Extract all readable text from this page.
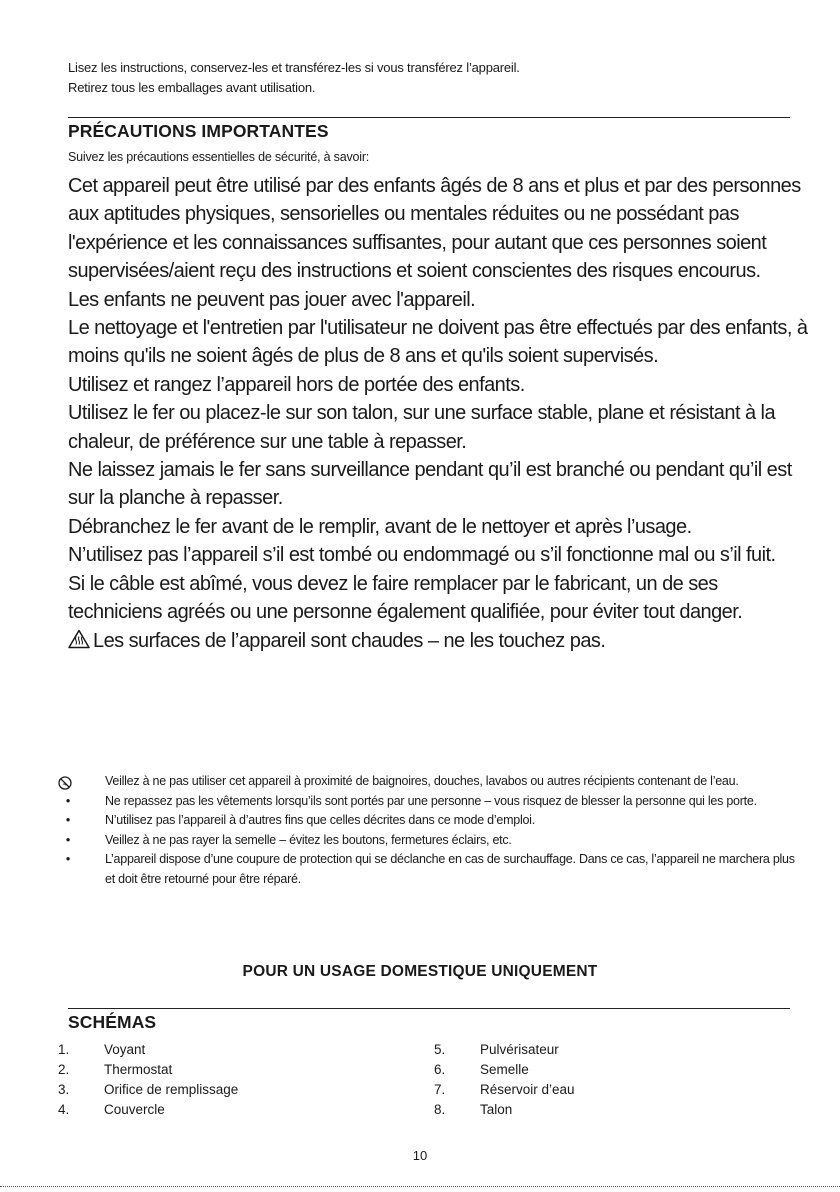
Lisez les instructions, conservez-les et transférez-les si vous transférez l’appareil.
Retirez tous les emballages avant utilisation.
PRÉCAUTIONS IMPORTANTES
Suivez les précautions essentielles de sécurité, à savoir:

Cet appareil peut être utilisé par des enfants âgés de 8 ans et plus et par des personnes aux aptitudes physiques, sensorielles ou mentales réduites ou ne possédant pas l'expérience et les connaissances suffisantes, pour autant que ces personnes soient supervisées/aient reçu des instructions et soient conscientes des risques encourus.

Les enfants ne peuvent pas jouer avec l'appareil.

Le nettoyage et l'entretien par l'utilisateur ne doivent pas être effectués par des enfants, à moins qu'ils ne soient âgés de plus de 8 ans et qu'ils soient supervisés.

Utilisez et rangez l’appareil hors de portée des enfants.

Utilisez le fer ou placez-le sur son talon, sur une surface stable, plane et résistant à la chaleur, de préférence sur une table à repasser.

Ne laissez jamais le fer sans surveillance pendant qu’il est branché ou pendant qu’il est sur la planche à repasser.

Débranchez le fer avant de le remplir, avant de le nettoyer et après l’usage.

N’utilisez pas l’appareil s’il est tombé ou endommagé ou s’il fonctionne mal ou s’il fuit.

Si le câble est abîmé, vous devez le faire remplacer par le fabricant, un de ses techniciens agréés ou une personne également qualifiée, pour éviter tout danger.

Les surfaces de l’appareil sont chaudes – ne les touchez pas.

Veillez à ne pas utiliser cet appareil à proximité de baignoires, douches, lavabos ou autres récipients contenant de l’eau.
•	Ne repassez pas les vêtements lorsqu’ils sont portés par une personne – vous risquez de blesser la personne qui les porte.
•	N’utilisez pas l’appareil à d’autres fins que celles décrites dans ce mode d’emploi.
•	Veillez à ne pas rayer la semelle – évitez les boutons, fermetures éclairs, etc.
•	L’appareil dispose d’une coupure de protection qui se déclanche en cas de surchauffage. Dans ce cas, l’appareil ne marchera plus et doit être retourné pour être réparé.
POUR UN USAGE DOMESTIQUE UNIQUEMENT
SCHÉMAS
1.	Voyant
2.	Thermostat
3.	Orifice de remplissage
4.	Couvercle
5.	Pulvérisateur
6.	Semelle
7.	Réservoir d’eau
8.	Talon
10
